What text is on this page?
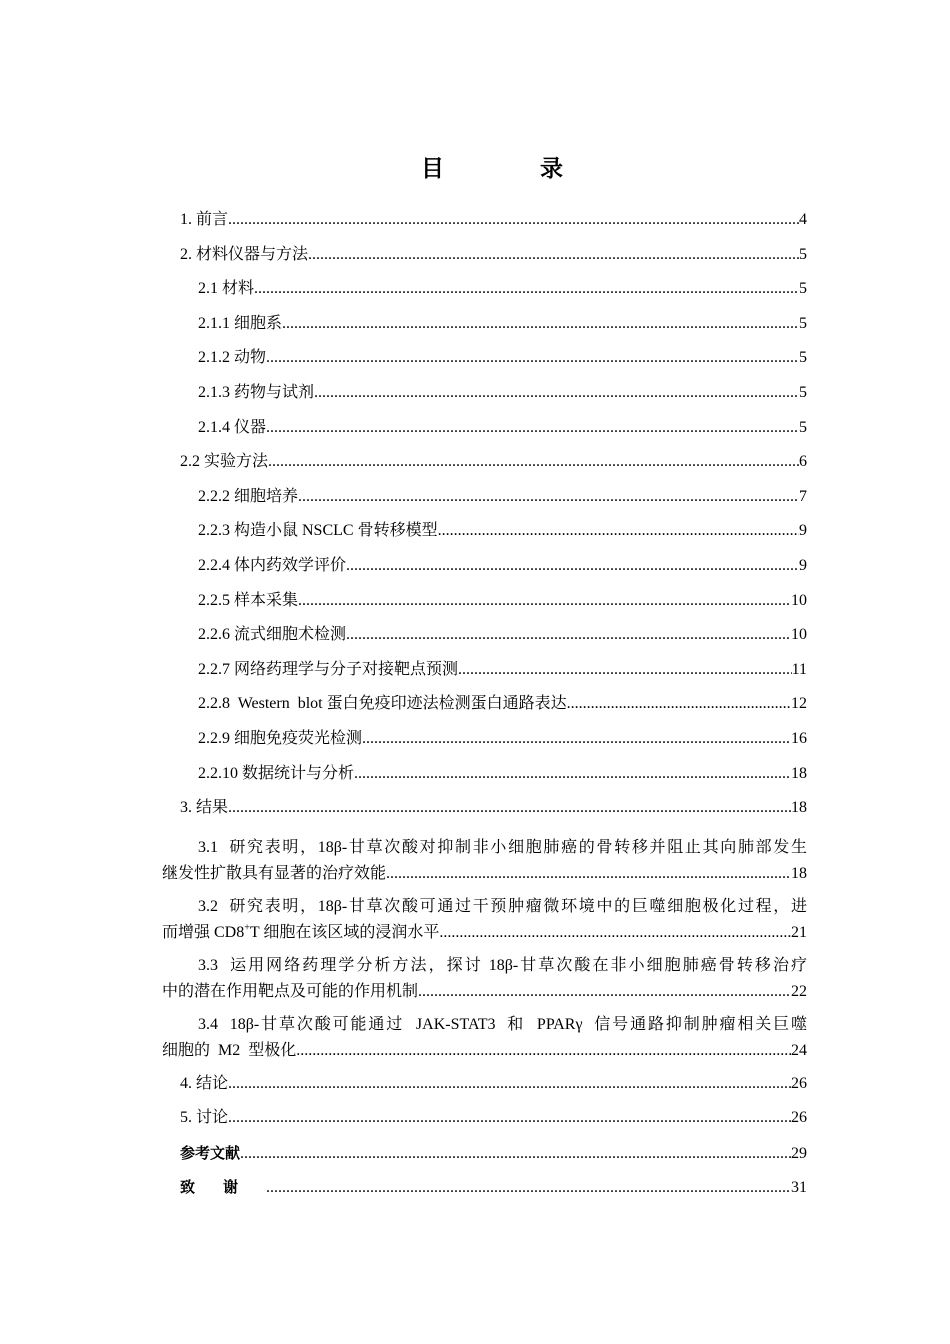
目 录
1. 前言 .....	4
2. 材料仪器与方法 .....	5
2.1 材料 .....	5
2.1.1 细胞系 .....	5
2.1.2 动物 .....	5
2.1.3 药物与试剂 .....	5
2.1.4 仪器 .....	5
2.2 实验方法 .....	6
2.2.2 细胞培养 .....	7
2.2.3 构造小鼠 NSCLC 骨转移模型 .....	9
2.2.4 体内药效学评价 .....	9
2.2.5 样本采集 .....	10
2.2.6 流式细胞术检测 .....	10
2.2.7 网络药理学与分子对接靶点预测 .....	11
2.2.8  Western  blot 蛋白免疫印迹法检测蛋白通路表达 .....	12
2.2.9 细胞免疫荧光检测 .....	16
2.2.10 数据统计与分析 .....	18
3. 结果 .....	18
3.1  研究表明，18β-甘草次酸对抑制非小细胞肺癌的骨转移并阻止其向肺部发生
继发性扩散具有显著的治疗效能 .....	18
3.2  研究表明，18β-甘草次酸可通过干预肿瘤微环境中的巨噬细胞极化过程，进
而增强 CD8+T 细胞在该区域的浸润水平 .....	21
3.3  运用网络药理学分析方法，探讨 18β-甘草次酸在非小细胞肺癌骨转移治疗
中的潜在作用靶点及可能的作用机制 .....	22
3.4  18β-甘草次酸可能通过  JAK-STAT3  和  PPARγ  信号通路抑制肿瘤相关巨噬
细胞的  M2  型极化 .....	24
4. 结论 .....	26
5. 讨论 .....	26
参考文献 .....	29
致谢 .....	31
